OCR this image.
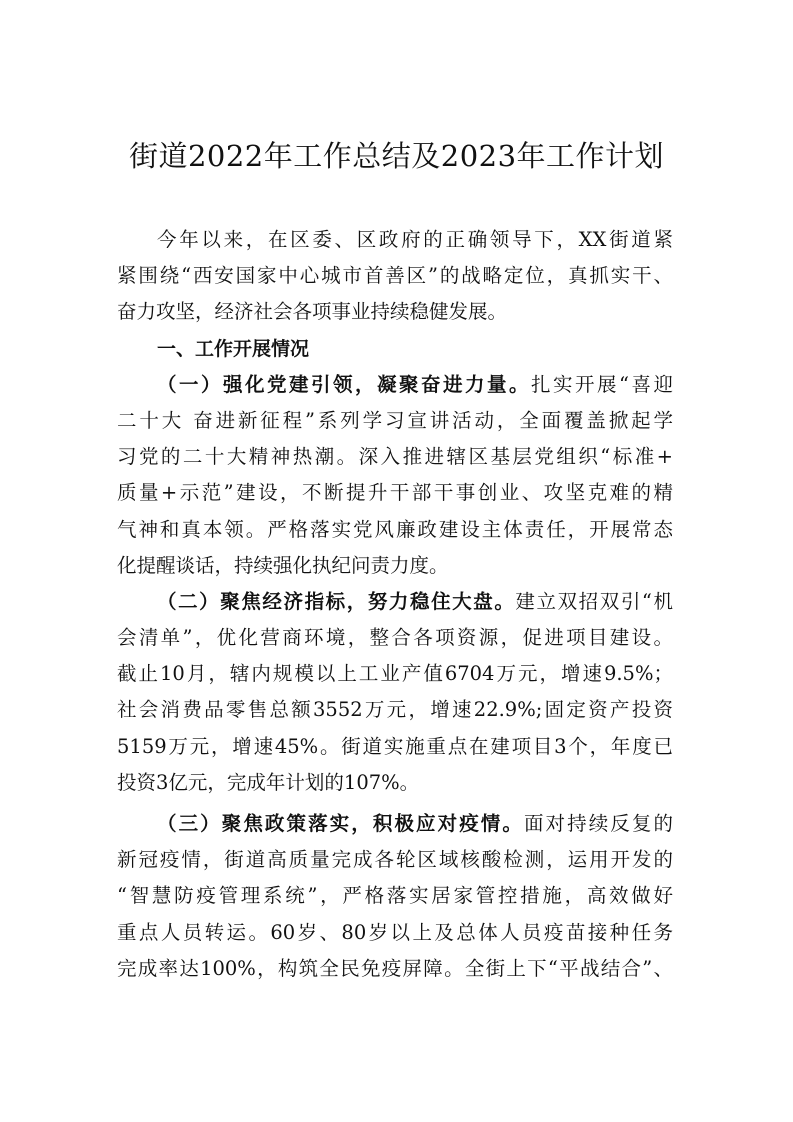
街道2022年工作总结及2023年工作计划
今年以来，在区委、区政府的正确领导下，XX街道紧
紧围绕“西安国家中心城市首善区”的战略定位，真抓实干、
奋力攻坚，经济社会各项事业持续稳健发展。
一、工作开展情况
（一）强化党建引领，凝聚奋进力量。扎实开展“喜迎
二十大 奋进新征程”系列学习宣讲活动，全面覆盖掀起学
习党的二十大精神热潮。深入推进辖区基层党组织“标准+
质量+示范”建设，不断提升干部干事创业、攻坚克难的精
气神和真本领。严格落实党风廉政建设主体责任，开展常态
化提醒谈话，持续强化执纪问责力度。
（二）聚焦经济指标，努力稳住大盘。建立双招双引“机
会清单”，优化营商环境，整合各项资源，促进项目建设。
截止10月，辖内规模以上工业产值6704万元，增速9.5%；
社会消费品零售总额3552万元，增速22.9%;固定资产投资
5159万元，增速45%。街道实施重点在建项目3个，年度已
投资3亿元，完成年计划的107%。
（三）聚焦政策落实，积极应对疫情。面对持续反复的
新冠疫情，街道高质量完成各轮区域核酸检测，运用开发的
“智慧防疫管理系统”，严格落实居家管控措施，高效做好
重点人员转运。60岁、80岁以上及总体人员疫苗接种任务
完成率达100%，构筑全民免疫屏障。全街上下“平战结合”、
